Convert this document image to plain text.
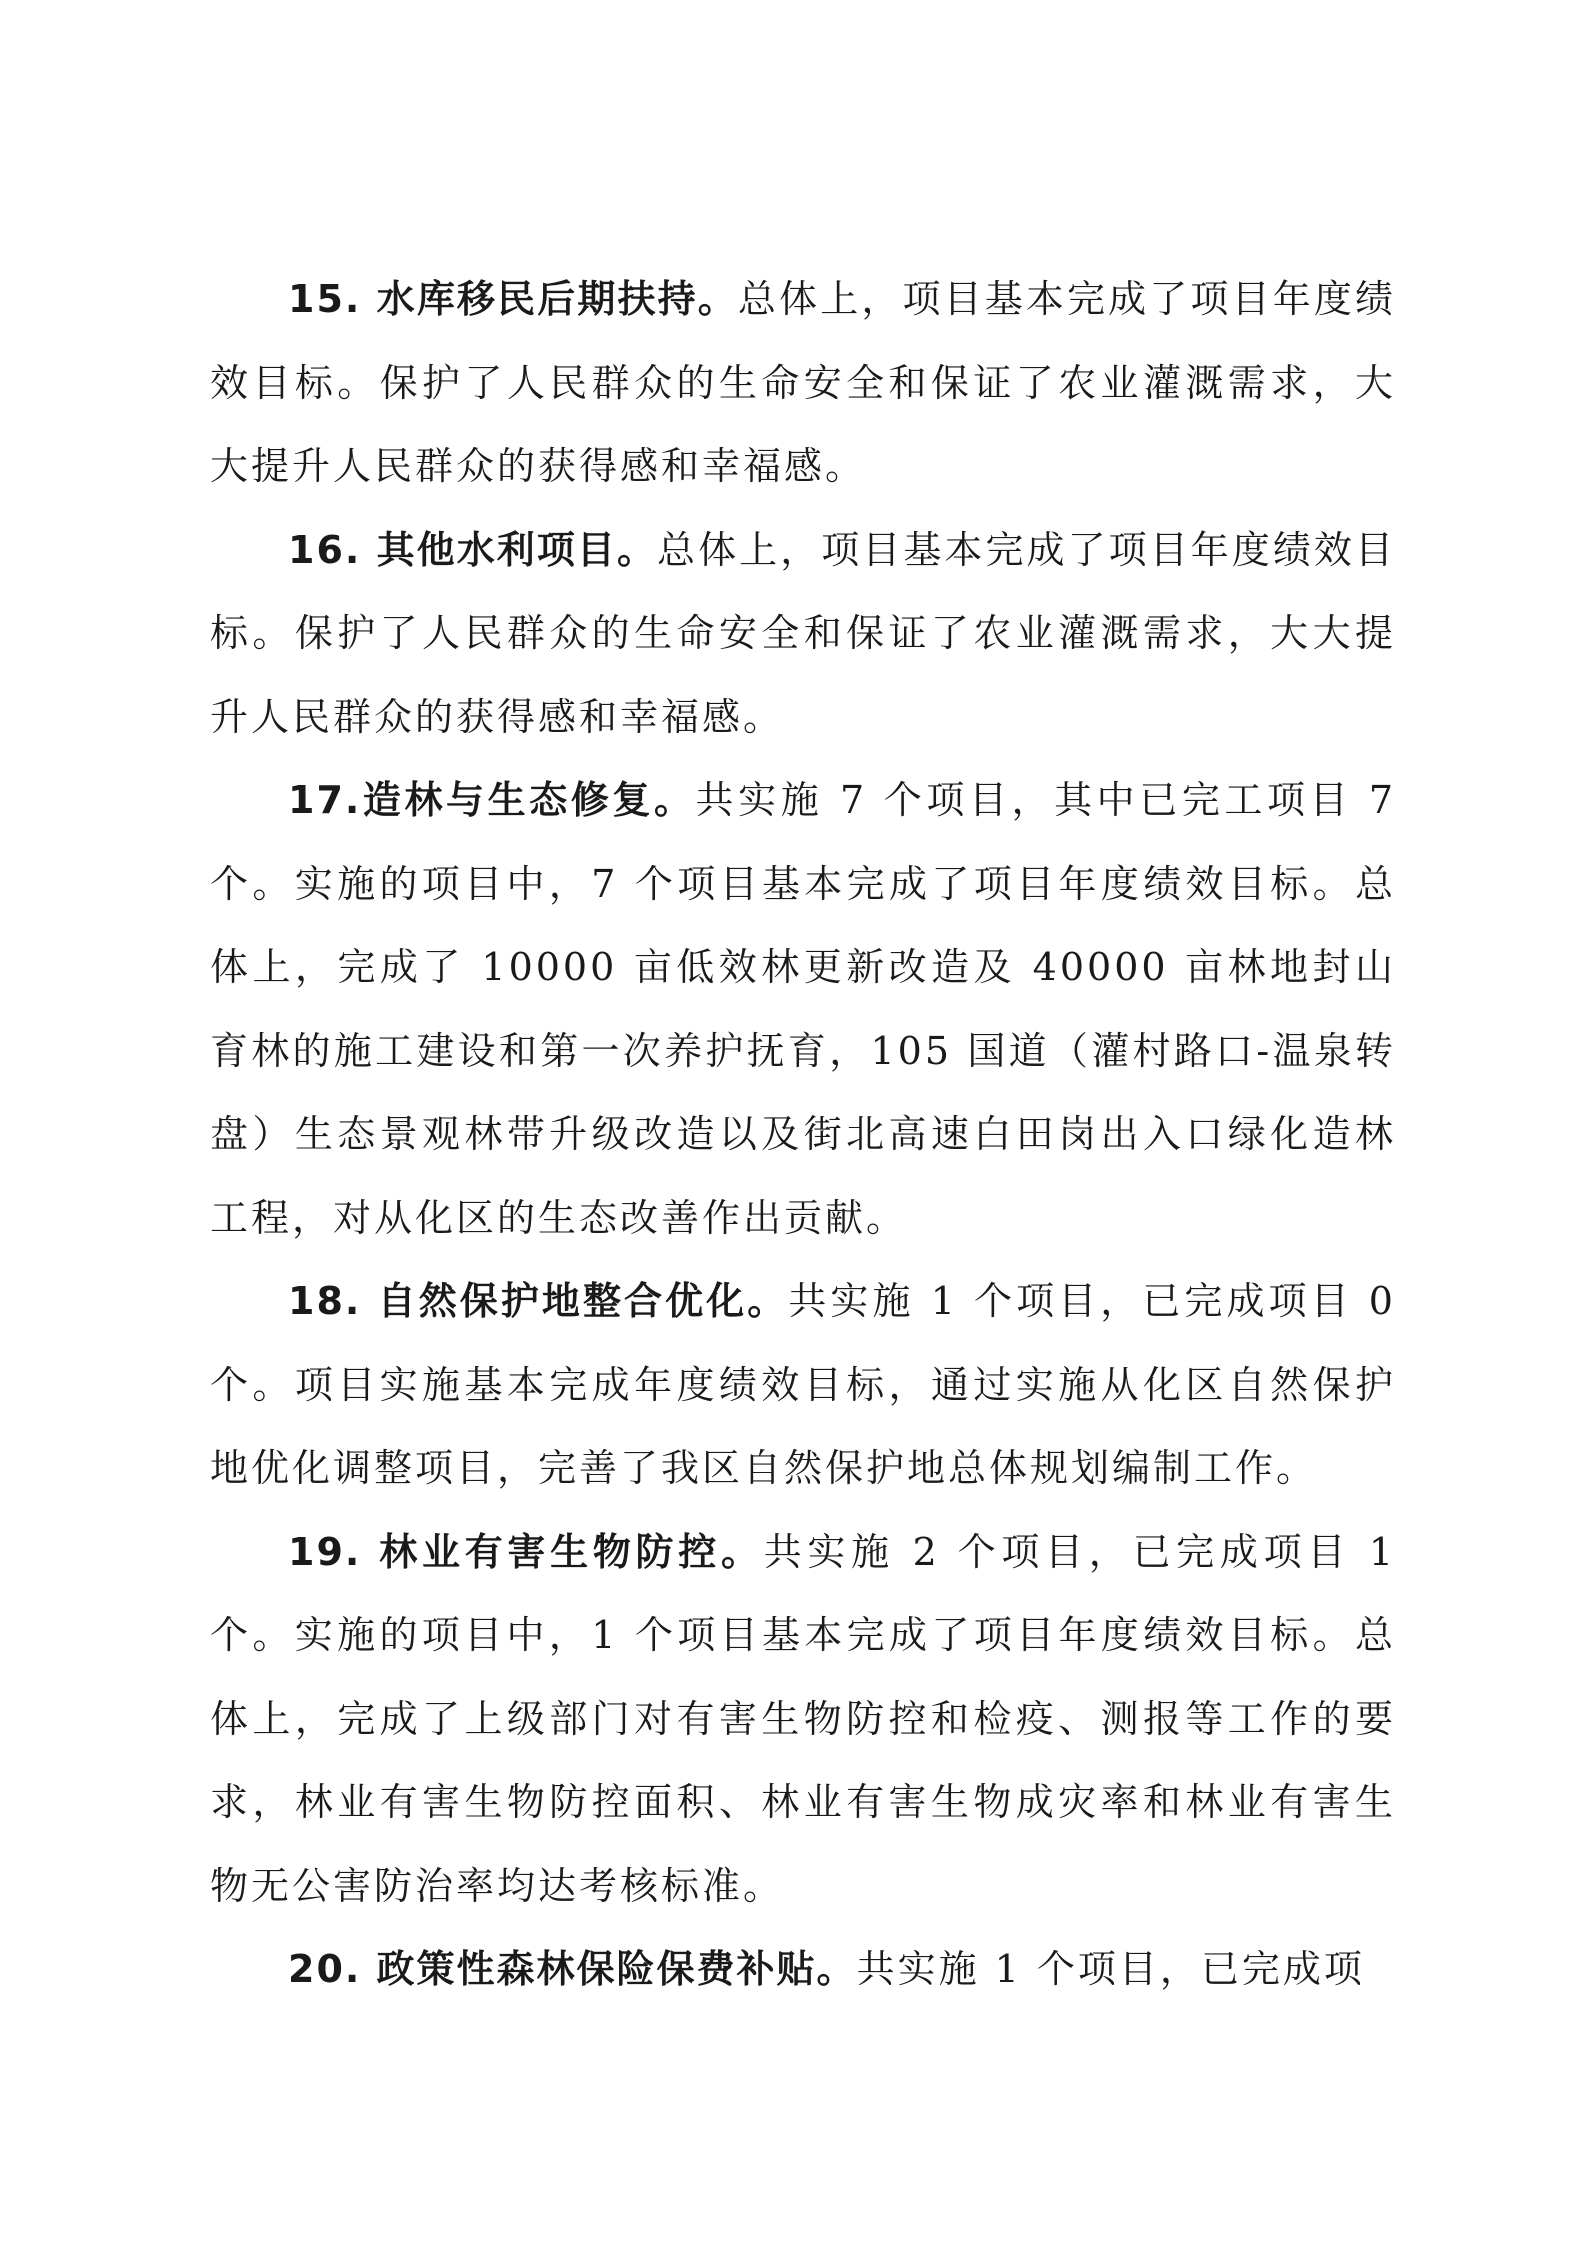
15. 水库移民后期扶持。总体上，项目基本完成了项目年度绩效目标。保护了人民群众的生命安全和保证了农业灌溉需求，大大提升人民群众的获得感和幸福感。

16. 其他水利项目。总体上，项目基本完成了项目年度绩效目标。保护了人民群众的生命安全和保证了农业灌溉需求，大大提升人民群众的获得感和幸福感。

17.造林与生态修复。共实施 7 个项目，其中已完工项目 7 个。实施的项目中，7 个项目基本完成了项目年度绩效目标。总体上，完成了 10000 亩低效林更新改造及 40000 亩林地封山育林的施工建设和第一次养护抚育，105 国道（灌村路口-温泉转盘）生态景观林带升级改造以及街北高速白田岗出入口绿化造林工程，对从化区的生态改善作出贡献。

18. 自然保护地整合优化。共实施 1 个项目，已完成项目 0 个。项目实施基本完成年度绩效目标，通过实施从化区自然保护地优化调整项目，完善了我区自然保护地总体规划编制工作。

19. 林业有害生物防控。共实施 2 个项目，已完成项目 1 个。实施的项目中，1 个项目基本完成了项目年度绩效目标。总体上，完成了上级部门对有害生物防控和检疫、测报等工作的要求，林业有害生物防控面积、林业有害生物成灾率和林业有害生物无公害防治率均达考核标准。

20. 政策性森林保险保费补贴。共实施 1 个项目，已完成项
